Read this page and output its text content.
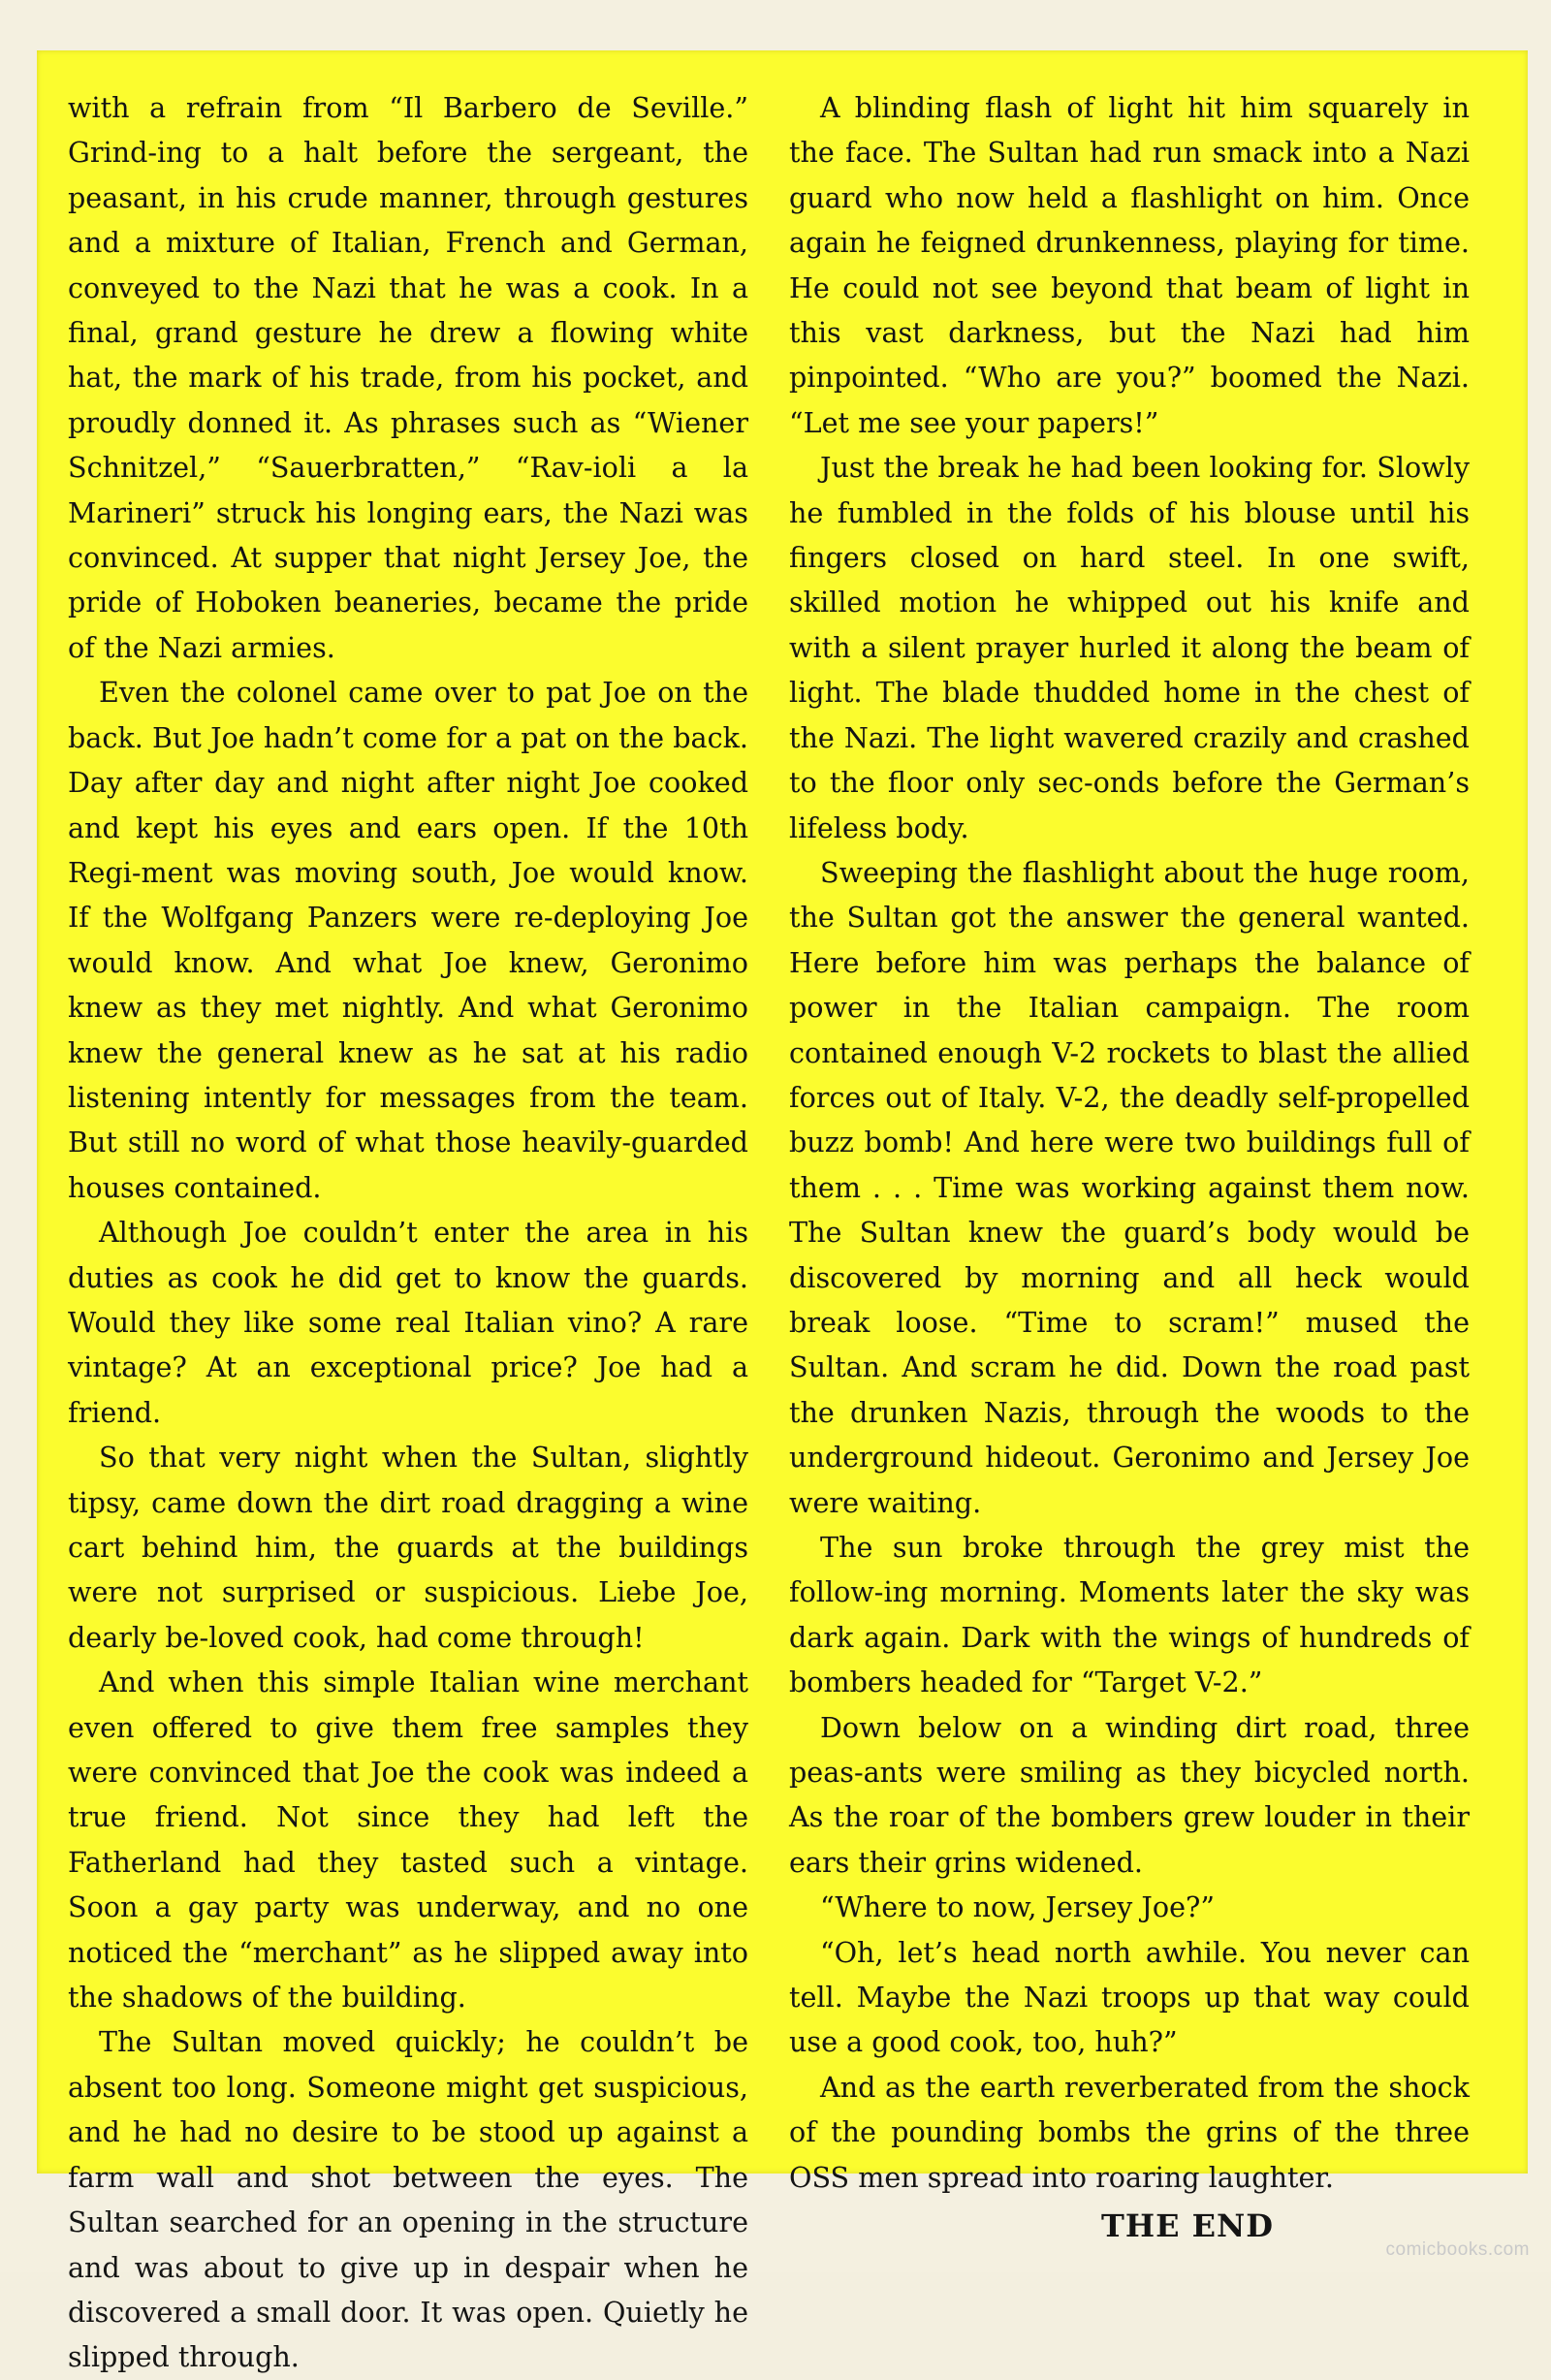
with a refrain from “Il Barbero de Seville.” Grind-ing to a halt before the sergeant, the peasant, in his crude manner, through gestures and a mixture of Italian, French and German, conveyed to the Nazi that he was a cook. In a final, grand gesture he drew a flowing white hat, the mark of his trade, from his pocket, and proudly donned it. As phrases such as “Wiener Schnitzel,” “Sauerbratten,” “Rav-ioli a la Marineri” struck his longing ears, the Nazi was convinced. At supper that night Jersey Joe, the pride of Hoboken beaneries, became the pride of the Nazi armies.

Even the colonel came over to pat Joe on the back. But Joe hadn’t come for a pat on the back. Day after day and night after night Joe cooked and kept his eyes and ears open. If the 10th Regi-ment was moving south, Joe would know. If the Wolfgang Panzers were re-deploying Joe would know. And what Joe knew, Geronimo knew as they met nightly. And what Geronimo knew the general knew as he sat at his radio listening intently for messages from the team. But still no word of what those heavily-guarded houses contained.

Although Joe couldn’t enter the area in his duties as cook he did get to know the guards. Would they like some real Italian vino? A rare vintage? At an exceptional price? Joe had a friend.

So that very night when the Sultan, slightly tipsy, came down the dirt road dragging a wine cart behind him, the guards at the buildings were not surprised or suspicious. Liebe Joe, dearly be-loved cook, had come through!

And when this simple Italian wine merchant even offered to give them free samples they were convinced that Joe the cook was indeed a true friend. Not since they had left the Fatherland had they tasted such a vintage. Soon a gay party was underway, and no one noticed the “merchant” as he slipped away into the shadows of the building.

The Sultan moved quickly; he couldn’t be absent too long. Someone might get suspicious, and he had no desire to be stood up against a farm wall and shot between the eyes. The Sultan searched for an opening in the structure and was about to give up in despair when he discovered a small door. It was open. Quietly he slipped through.

A blinding flash of light hit him squarely in the face. The Sultan had run smack into a Nazi guard who now held a flashlight on him. Once again he feigned drunkenness, playing for time. He could not see beyond that beam of light in this vast darkness, but the Nazi had him pinpointed. “Who are you?” boomed the Nazi. “Let me see your papers!”

Just the break he had been looking for. Slowly he fumbled in the folds of his blouse until his fingers closed on hard steel. In one swift, skilled motion he whipped out his knife and with a silent prayer hurled it along the beam of light. The blade thudded home in the chest of the Nazi. The light wavered crazily and crashed to the floor only sec-onds before the German’s lifeless body.

Sweeping the flashlight about the huge room, the Sultan got the answer the general wanted. Here before him was perhaps the balance of power in the Italian campaign. The room contained enough V-2 rockets to blast the allied forces out of Italy. V-2, the deadly self-propelled buzz bomb! And here were two buildings full of them . . . Time was working against them now. The Sultan knew the guard’s body would be discovered by morning and all heck would break loose. “Time to scram!” mused the Sultan. And scram he did. Down the road past the drunken Nazis, through the woods to the underground hideout. Geronimo and Jersey Joe were waiting.

The sun broke through the grey mist the follow-ing morning. Moments later the sky was dark again. Dark with the wings of hundreds of bombers headed for “Target V-2.”

Down below on a winding dirt road, three peas-ants were smiling as they bicycled north. As the roar of the bombers grew louder in their ears their grins widened.

“Where to now, Jersey Joe?”

“Oh, let’s head north awhile. You never can tell. Maybe the Nazi troops up that way could use a good cook, too, huh?”

And as the earth reverberated from the shock of the pounding bombs the grins of the three OSS men spread into roaring laughter.

THE END
comicbooks.com
